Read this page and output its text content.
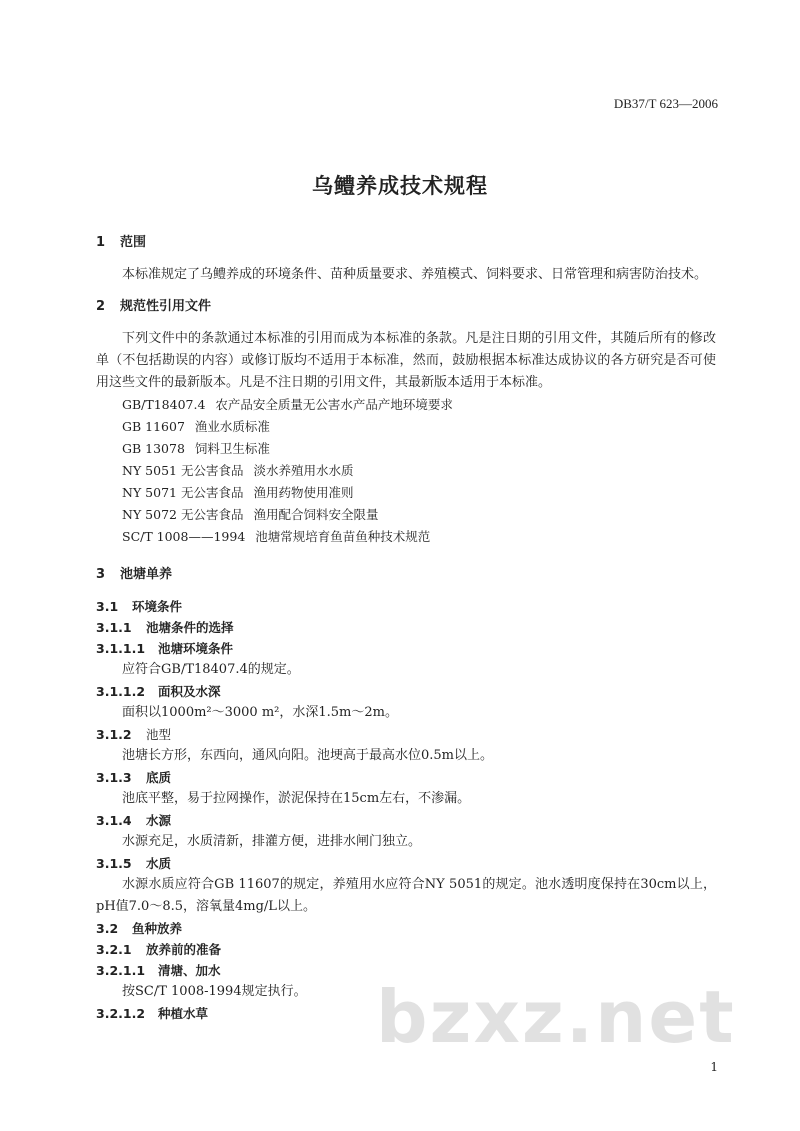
DB37/T 623—2006
乌鳢养成技术规程
1 范围
本标准规定了乌鳢养成的环境条件、苗种质量要求、养殖模式、饲料要求、日常管理和病害防治技术。
2 规范性引用文件
下列文件中的条款通过本标准的引用而成为本标准的条款。凡是注日期的引用文件，其随后所有的修改单（不包括勘误的内容）或修订版均不适用于本标准，然而，鼓励根据本标准达成协议的各方研究是否可使用这些文件的最新版本。凡是不注日期的引用文件，其最新版本适用于本标准。
GB/T18407.4 农产品安全质量无公害水产品产地环境要求
GB 11607 渔业水质标准
GB 13078 饲料卫生标准
NY 5051 无公害食品 淡水养殖用水水质
NY 5071 无公害食品 渔用药物使用准则
NY 5072 无公害食品 渔用配合饲料安全限量
SC/T 1008——1994 池塘常规培育鱼苗鱼种技术规范
3 池塘单养
3.1 环境条件
3.1.1 池塘条件的选择
3.1.1.1 池塘环境条件
应符合GB/T18407.4的规定。
3.1.1.2 面积及水深
面积以1000m²～3000 m²，水深1.5m～2m。
3.1.2 池型
池塘长方形，东西向，通风向阳。池埂高于最高水位0.5m以上。
3.1.3 底质
池底平整，易于拉网操作，淤泥保持在15cm左右，不渗漏。
3.1.4 水源
水源充足，水质清新，排灌方便，进排水闸门独立。
3.1.5 水质
水源水质应符合GB 11607的规定，养殖用水应符合NY 5051的规定。池水透明度保持在30cm以上，pH值7.0～8.5，溶氧量4mg/L以上。
3.2 鱼种放养
3.2.1 放养前的准备
3.2.1.1 清塘、加水
按SC/T 1008-1994规定执行。
3.2.1.2 种植水草	bzxz.net
1
